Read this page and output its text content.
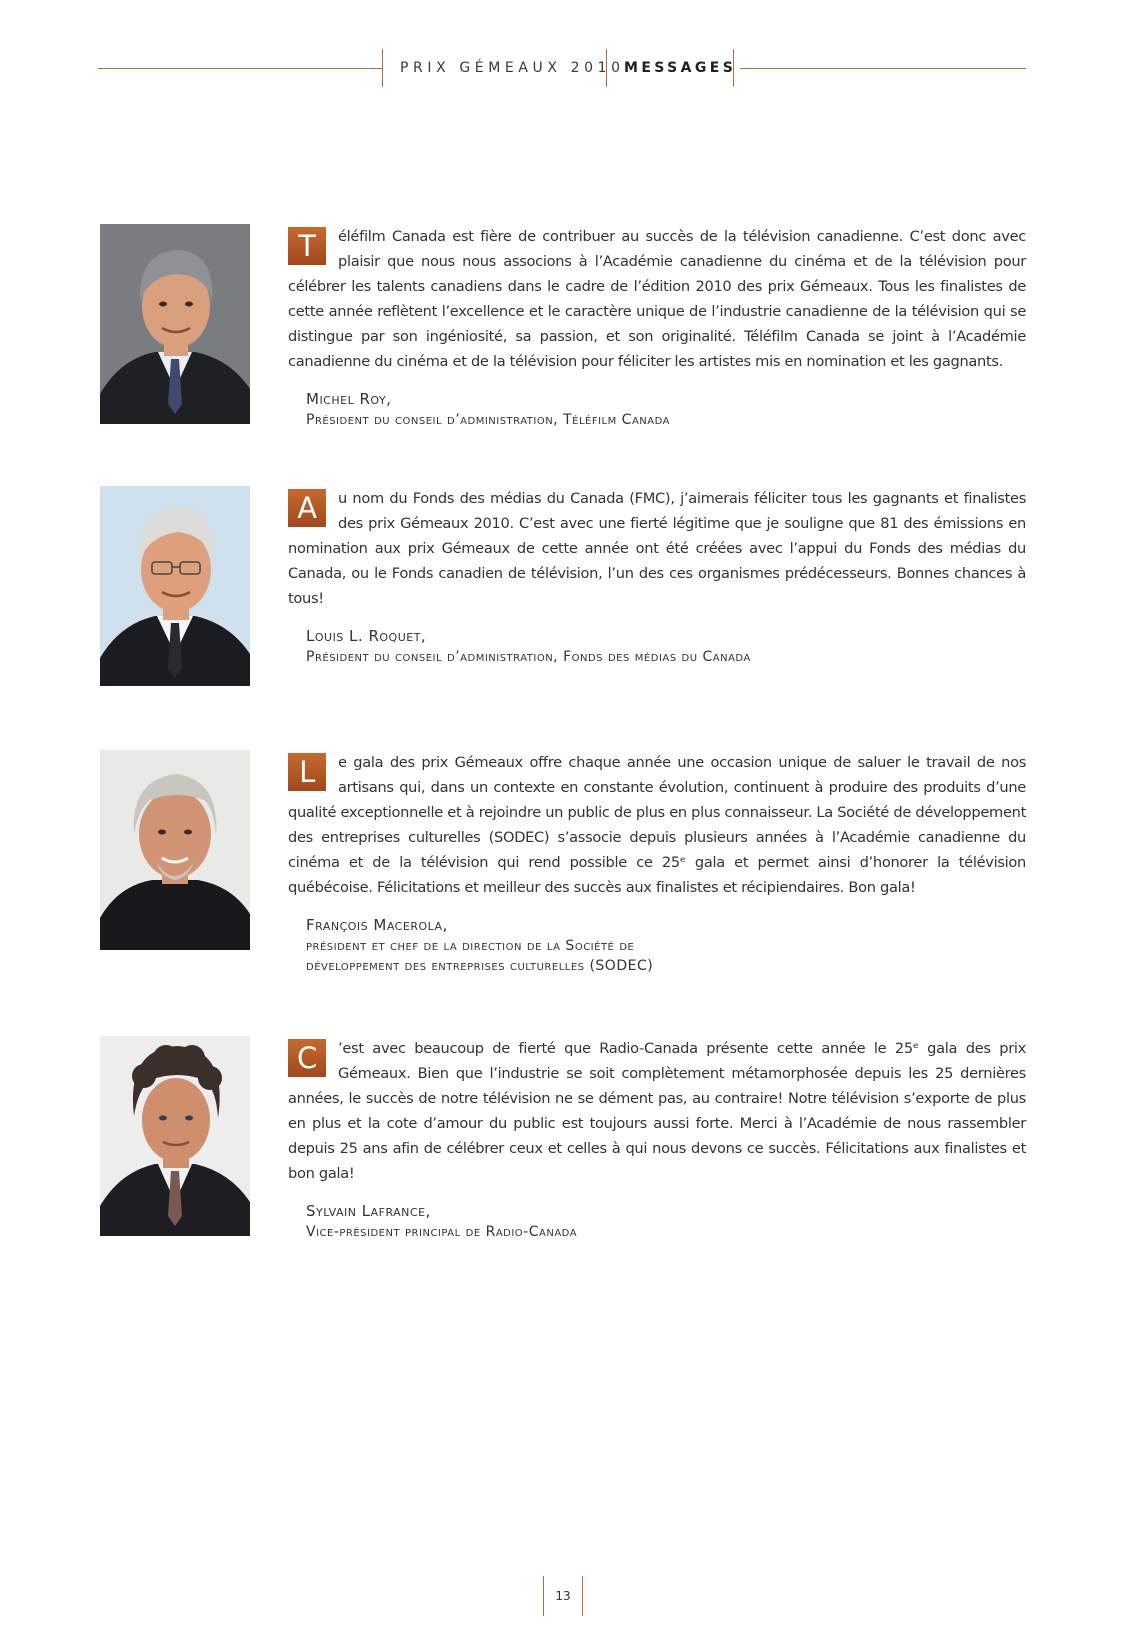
PRIX GÉMEAUX 2010 MESSAGES
T	éléfilm Canada est fière de contribuer au succès de la télévision canadienne. C’est donc avec plaisir que nous nous associons à l’Académie canadienne du cinéma et de la télévision pour célébrer les talents canadiens dans le cadre de l’édition 2010 des prix Gémeaux. Tous les finalistes de cette année reflètent l’excellence et le caractère unique de l’industrie canadienne de la télévision qui se distingue par son ingéniosité, sa passion, et son originalité. Téléfilm Canada se joint à l’Académie canadienne du cinéma et de la télévision pour féliciter les artistes mis en nomination et les gagnants.
Michel Roy,
Président du conseil d’administration, Téléfilm Canada
A	u nom du Fonds des médias du Canada (FMC), j’aimerais féliciter tous les gagnants et finalistes des prix Gémeaux 2010. C’est avec une fierté légitime que je souligne que 81 des émissions en nomination aux prix Gémeaux de cette année ont été créées avec l’appui du Fonds des médias du Canada, ou le Fonds canadien de télévision, l’un des ces organismes prédécesseurs. Bonnes chances à tous!
Louis L. Roquet,
Président du conseil d’administration, Fonds des médias du Canada
L	e gala des prix Gémeaux offre chaque année une occasion unique de saluer le travail de nos artisans qui, dans un contexte en constante évolution, continuent à produire des produits d’une qualité exceptionnelle et à rejoindre un public de plus en plus connaisseur. La Société de développement des entreprises culturelles (SODEC) s’associe depuis plusieurs années à l’Académie canadienne du cinéma et de la télévision qui rend possible ce 25ᵉ gala et permet ainsi d’honorer la télévision québécoise. Félicitations et meilleur des succès aux finalistes et récipiendaires. Bon gala!
François Macerola,
président et chef de la direction de la Société de
développement des entreprises culturelles (SODEC)
C	’est avec beaucoup de fierté que Radio-Canada présente cette année le 25ᵉ gala des prix Gémeaux. Bien que l’industrie se soit complètement métamorphosée depuis les 25 dernières années, le succès de notre télévision ne se dément pas, au contraire! Notre télévision s’exporte de plus en plus et la cote d’amour du public est toujours aussi forte. Merci à l’Académie de nous rassembler depuis 25 ans afin de célébrer ceux et celles à qui nous devons ce succès. Félicitations aux finalistes et bon gala!
Sylvain Lafrance,
Vice-président principal de Radio-Canada
13
